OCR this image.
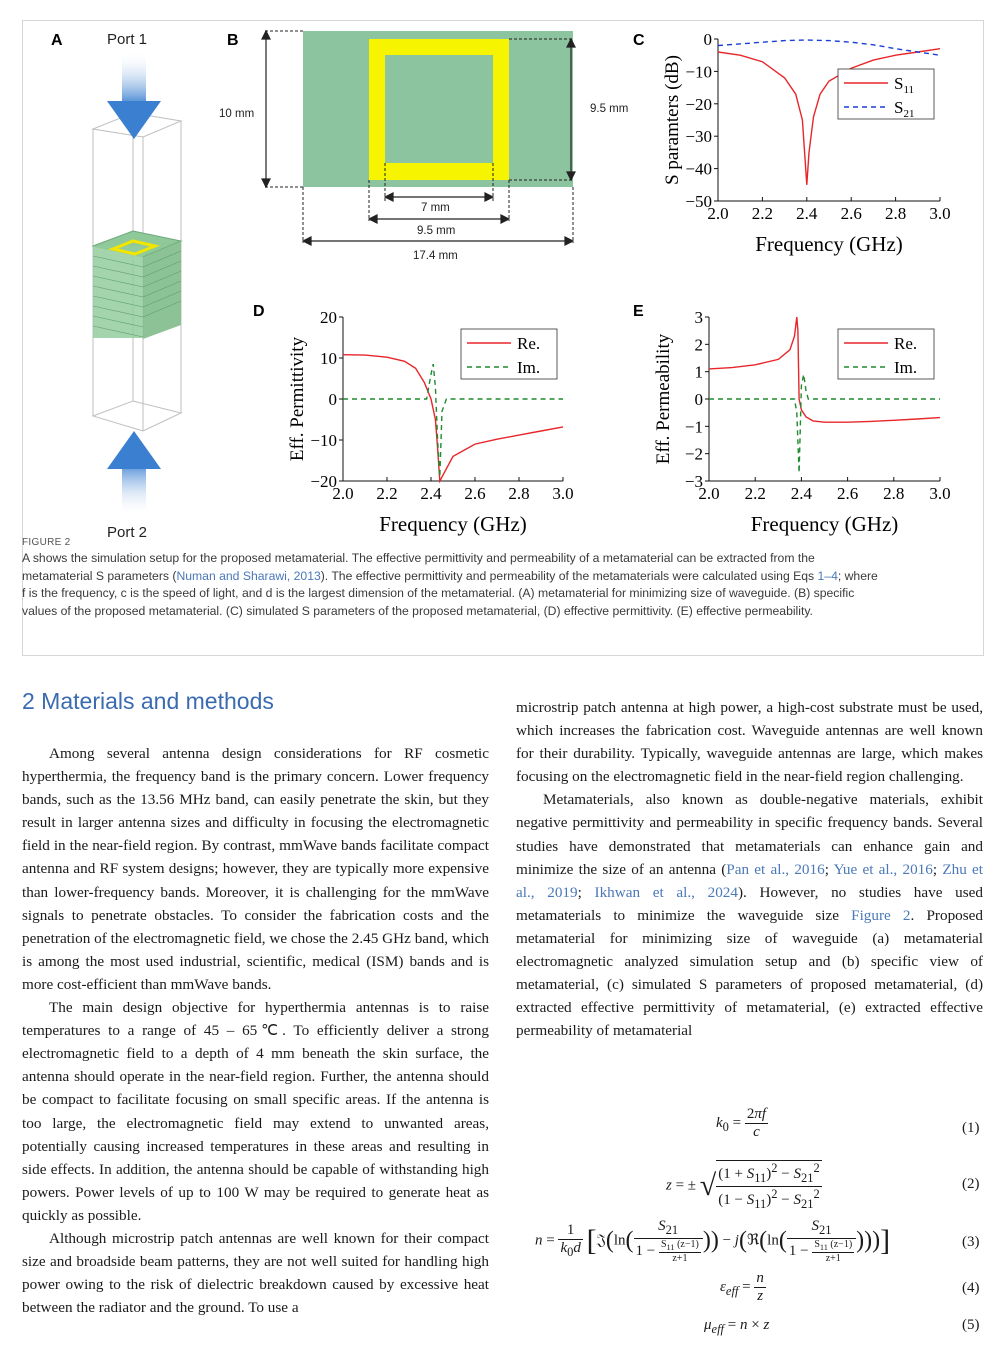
A	Port 1
Port 2
B
10 mm	9.5 mm
7 mm
9.5 mm
17.4 mm
C
D	E
2.0 2.2 2.4 2.6 2.8 3.0
0
−10
−20
−30
−40
−50
Frequency (GHz)
S paramters (dB)	$S_{11}$
$S_{21}$
2.0 2.2 2.4 2.6 2.8 3.0
20
10
0
−10
−20
Frequency (GHz)
Eff. Permittivity	Re.
Im.
2.0 2.2 2.4 2.6 2.8 3.0
3
2
1
0
−1
−2
−3
Frequency (GHz)
Eff. Permeability	Re.
Im.
FIGURE 2
A shows the simulation setup for the proposed metamaterial. The effective permittivity and permeability of a metamaterial can be extracted from the
metamaterial S parameters (Numan and Sharawi, 2013). The effective permittivity and permeability of the metamaterials were calculated using Eqs 1–4; where
f is the frequency, c is the speed of light, and d is the largest dimension of the metamaterial. (A) metamaterial for minimizing size of waveguide. (B) specific
values of the proposed metamaterial. (C) simulated S parameters of the proposed metamaterial, (D) effective permittivity. (E) effective permeability.
2 Materials and methods

Among several antenna design considerations for RF cosmetic hyperthermia, the frequency band is the primary concern. Lower frequency bands, such as the 13.56 MHz band, can easily penetrate the skin, but they result in larger antenna sizes and difficulty in focusing the electromagnetic field in the near-field region. By contrast, mmWave bands facilitate compact antenna and RF system designs; however, they are typically more expensive than lower-frequency bands. Moreover, it is challenging for the mmWave signals to penetrate obstacles. To consider the fabrication costs and the penetration of the electromagnetic field, we chose the 2.45 GHz band, which is among the most used industrial, scientific, medical (ISM) bands and is more cost-efficient than mmWave bands.

The main design objective for hyperthermia antennas is to raise temperatures to a range of 45 – 65℃. To efficiently deliver a strong electromagnetic field to a depth of 4 mm beneath the skin surface, the antenna should operate in the near-field region. Further, the antenna should be compact to facilitate focusing on small specific areas. If the antenna is too large, the electromagnetic field may extend to unwanted areas, potentially causing increased temperatures in these areas and resulting in side effects. In addition, the antenna should be capable of withstanding high powers. Power levels of up to 100 W may be required to generate heat as quickly as possible.

Although microstrip patch antennas are well known for their compact size and broadside beam patterns, they are not well suited for handling high power owing to the risk of dielectric breakdown caused by excessive heat between the radiator and the ground. To use a

microstrip patch antenna at high power, a high-cost substrate must be used, which increases the fabrication cost. Waveguide antennas are well known for their durability. Typically, waveguide antennas are large, which makes focusing on the electromagnetic field in the near-field region challenging.

Metamaterials, also known as double-negative materials, exhibit negative permittivity and permeability in specific frequency bands. Several studies have demonstrated that metamaterials can enhance gain and minimize the size of an antenna (Pan et al., 2016; Yue et al., 2016; Zhu et al., 2019; Ikhwan et al., 2024). However, no studies have used metamaterials to minimize the waveguide size Figure 2. Proposed metamaterial for minimizing size of waveguide (a) metamaterial electromagnetic analyzed simulation setup and (b) specific view of metamaterial, (c) simulated S parameters of proposed metamaterial, (d) extracted effective permittivity of metamaterial, (e) extracted effective permeability of metamaterial

$k_0 = \frac{2\pi f}{c}$	(1)
z = ± √ $\frac{(1 + S_{11})^2 - S_{21}^2}{(1 - S_{11})^2 - S_{21}^2}$	(2)
$n = \frac{1}{k_0d}$ [𝔍(ln( $\frac{S_{21}}{1 - \frac{S_{11} (z-1)}{z+1}}$ )) − j(ℜ(ln( $\frac{S_{21}}{1 - \frac{S_{11} (z-1)}{z+1}}$ )))]	(3)
$\varepsilon_{eff} = \frac{n}{z}$	(4)
$\mu_{eff} = n \times z$	(5)
